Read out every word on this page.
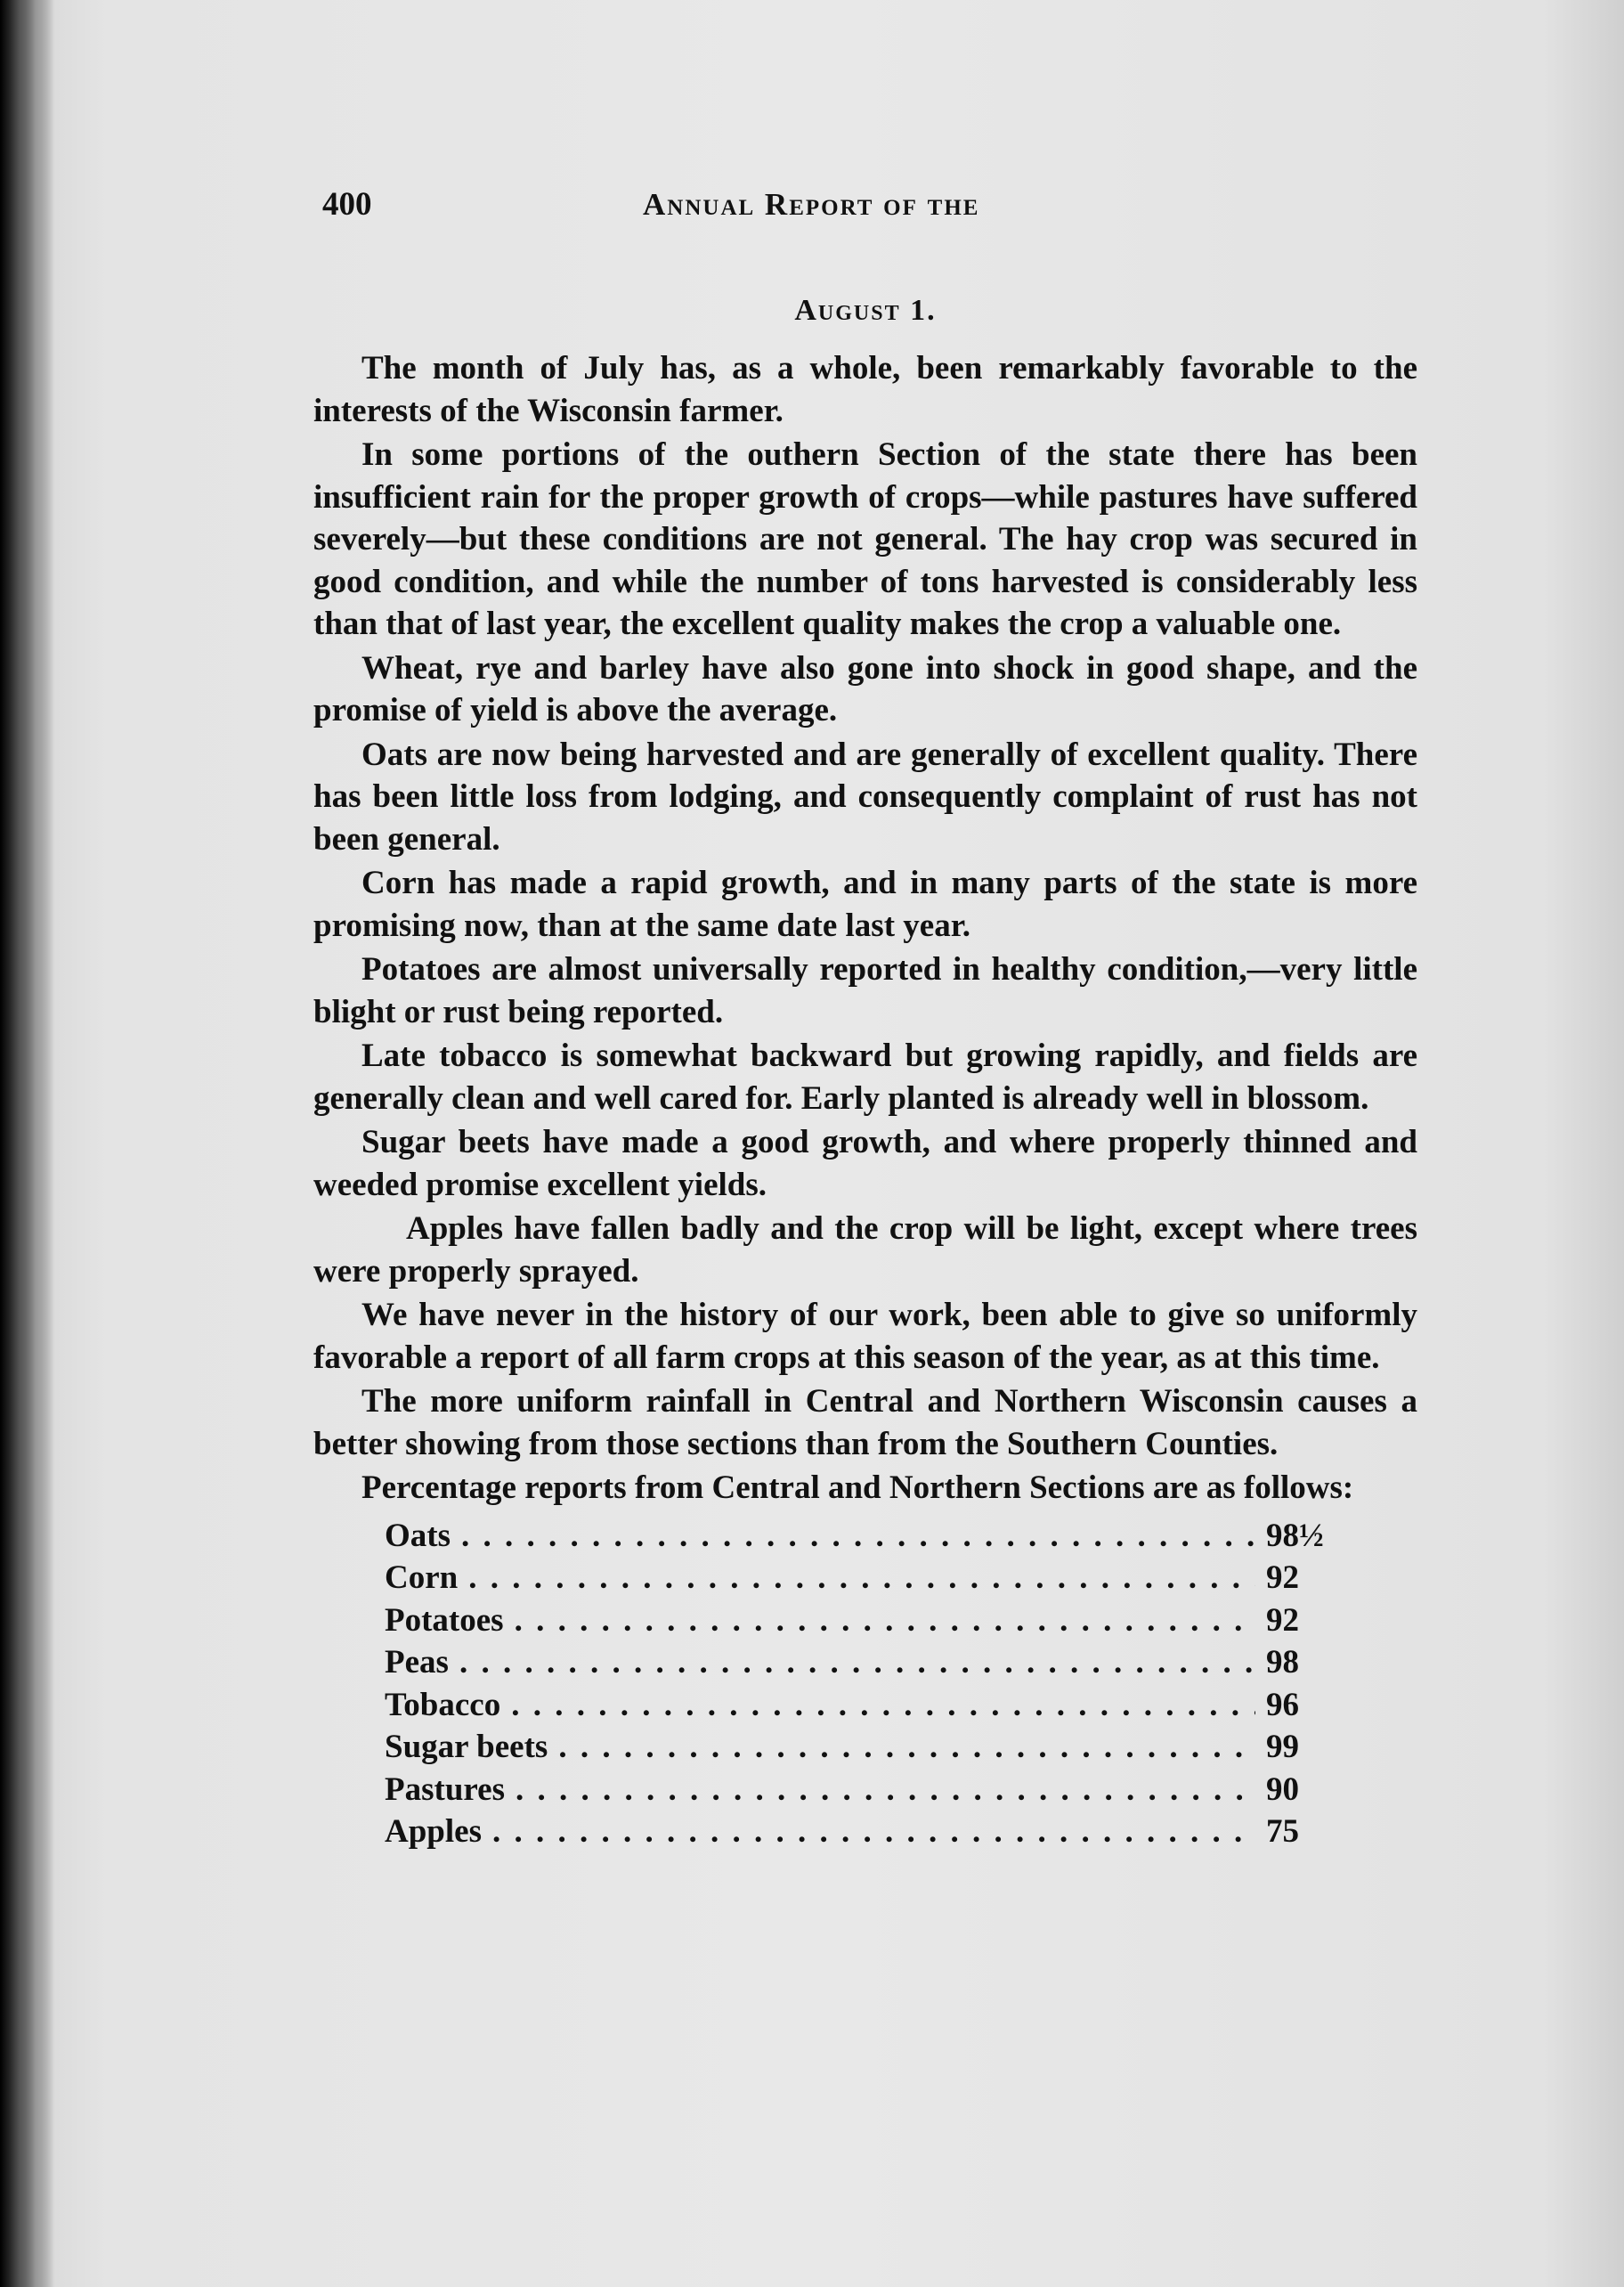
400	Annual Report of the
August 1.

The month of July has, as a whole, been remarkably favorable to the interests of the Wisconsin farmer.

In some portions of the outhern Section of the state there has been insufficient rain for the proper growth of crops—while pastures have suffered severely—but these conditions are not general. The hay crop was secured in good condition, and while the number of tons harvested is considerably less than that of last year, the excellent quality makes the crop a valuable one.

Wheat, rye and barley have also gone into shock in good shape, and the promise of yield is above the average.

Oats are now being harvested and are generally of excellent quality. There has been little loss from lodging, and consequently complaint of rust has not been general.

Corn has made a rapid growth, and in many parts of the state is more promising now, than at the same date last year.

Potatoes are almost universally reported in healthy condition,—very little blight or rust being reported.

Late tobacco is somewhat backward but growing rapidly, and fields are generally clean and well cared for. Early planted is already well in blossom.

Sugar beets have made a good growth, and where properly thinned and weeded promise excellent yields.

Apples have fallen badly and the crop will be light, except where trees were properly sprayed.

We have never in the history of our work, been able to give so uniformly favorable a report of all farm crops at this season of the year, as at this time.

The more uniform rainfall in Central and Northern Wisconsin causes a better showing from those sections than from the Southern Counties.

Percentage reports from Central and Northern Sections are as follows:

Oats . . .	98½
Corn . . .	92
Potatoes . . .	92
Peas . . .	98
Tobacco . . .	96
Sugar beets . . .	99
Pastures . . .	90
Apples . . .	75
